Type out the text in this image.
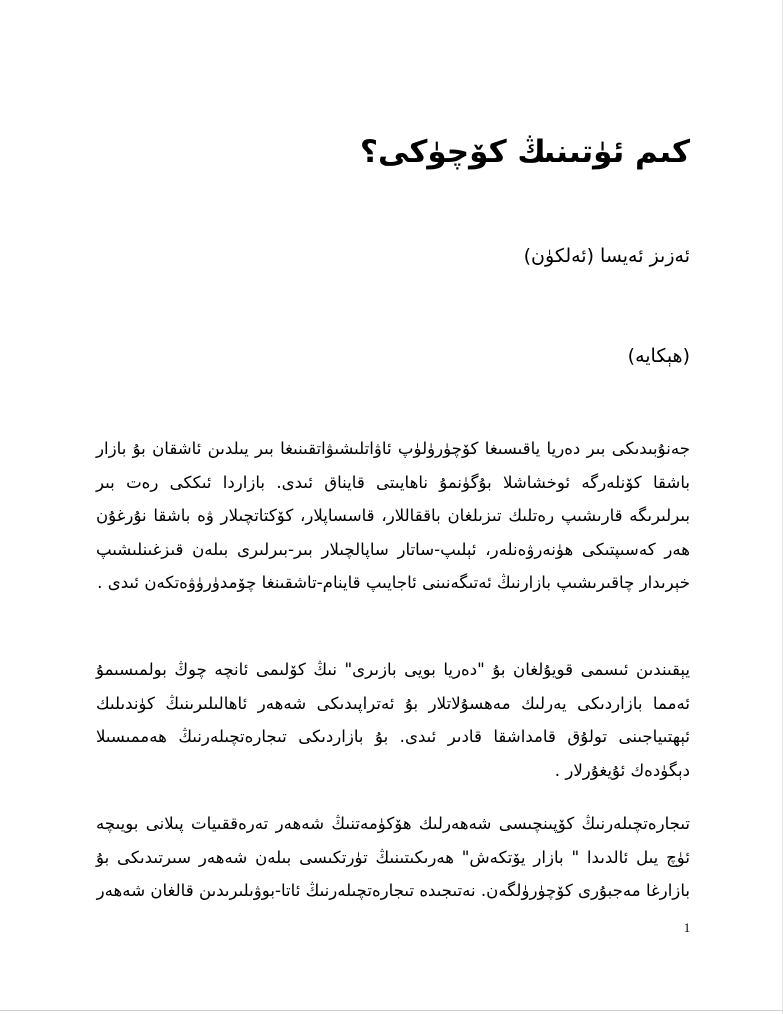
كىم ئۈتىنىڭ كۆچۈكى؟

ئەزىز ئەيسا (ئەلكۈن)

(ھېكايە)

جەنۇبىدىكى بىر دەريا ياقىسىغا كۆچۈرۈلۈپ ئاۋاتلىشىۋاتقىنىغا بىر يىلدىن ئاشقان بۇ بازار باشقا كۆنلەرگە ئوخشاشلا بۇگۈنمۇ ناھايىتى قايناق ئىدى. بازاردا ئىككى رەت بىر بىرلىرىگە قارىشىپ رەتلىك تىزىلغان باققاللار، قاسساپلار، كۆكتاتچىلار ۋە باشقا نۇرغۇن ھەر كەسىپتىكى ھۈنەرۋەنلەر، ئېلىپ-ساتار ساپالچىلار بىر-بىرلىرى بىلەن قىزغىنلىشىپ خېرىدار چاقىرىشىپ بازارنىڭ ئەتىگەنىنى ئاجايىپ قاينام-تاشقىنغا چۆمدۈرۈۋەتكەن ئىدى .

يېقىندىن ئىسمى قويۇلغان بۇ "دەريا بويى بازىرى" نىڭ كۆلىمى ئانچە چوڭ بولمىسىمۇ ئەمما بازاردىكى يەرلىك مەھسۇلاتلار بۇ ئەتراپىدىكى شەھەر ئاھالىلىرىنىڭ كۈندىلىك ئېھتىياجىنى تولۇق قامداشقا قادىر ئىدى. بۇ بازاردىكى تىجارەتچىلەرنىڭ ھەممىسىلا دېگۈدەك ئۇيغۇرلار .

تىجارەتچىلەرنىڭ كۆپىنچىسى شەھەرلىك ھۆكۈمەتنىڭ شەھەر تەرەققىيات پىلانى بويىچە ئۈچ يىل ئالدىدا " بازار يۆتكەش" ھەرىكىتىنىڭ تۈرتكىسى بىلەن شەھەر سىرتىدىكى بۇ بازارغا مەجبۇرى كۆچۈرۈلگەن. نەتىجىدە تىجارەتچىلەرنىڭ ئاتا-بوۋىلىرىدىن قالغان شەھەر

1
